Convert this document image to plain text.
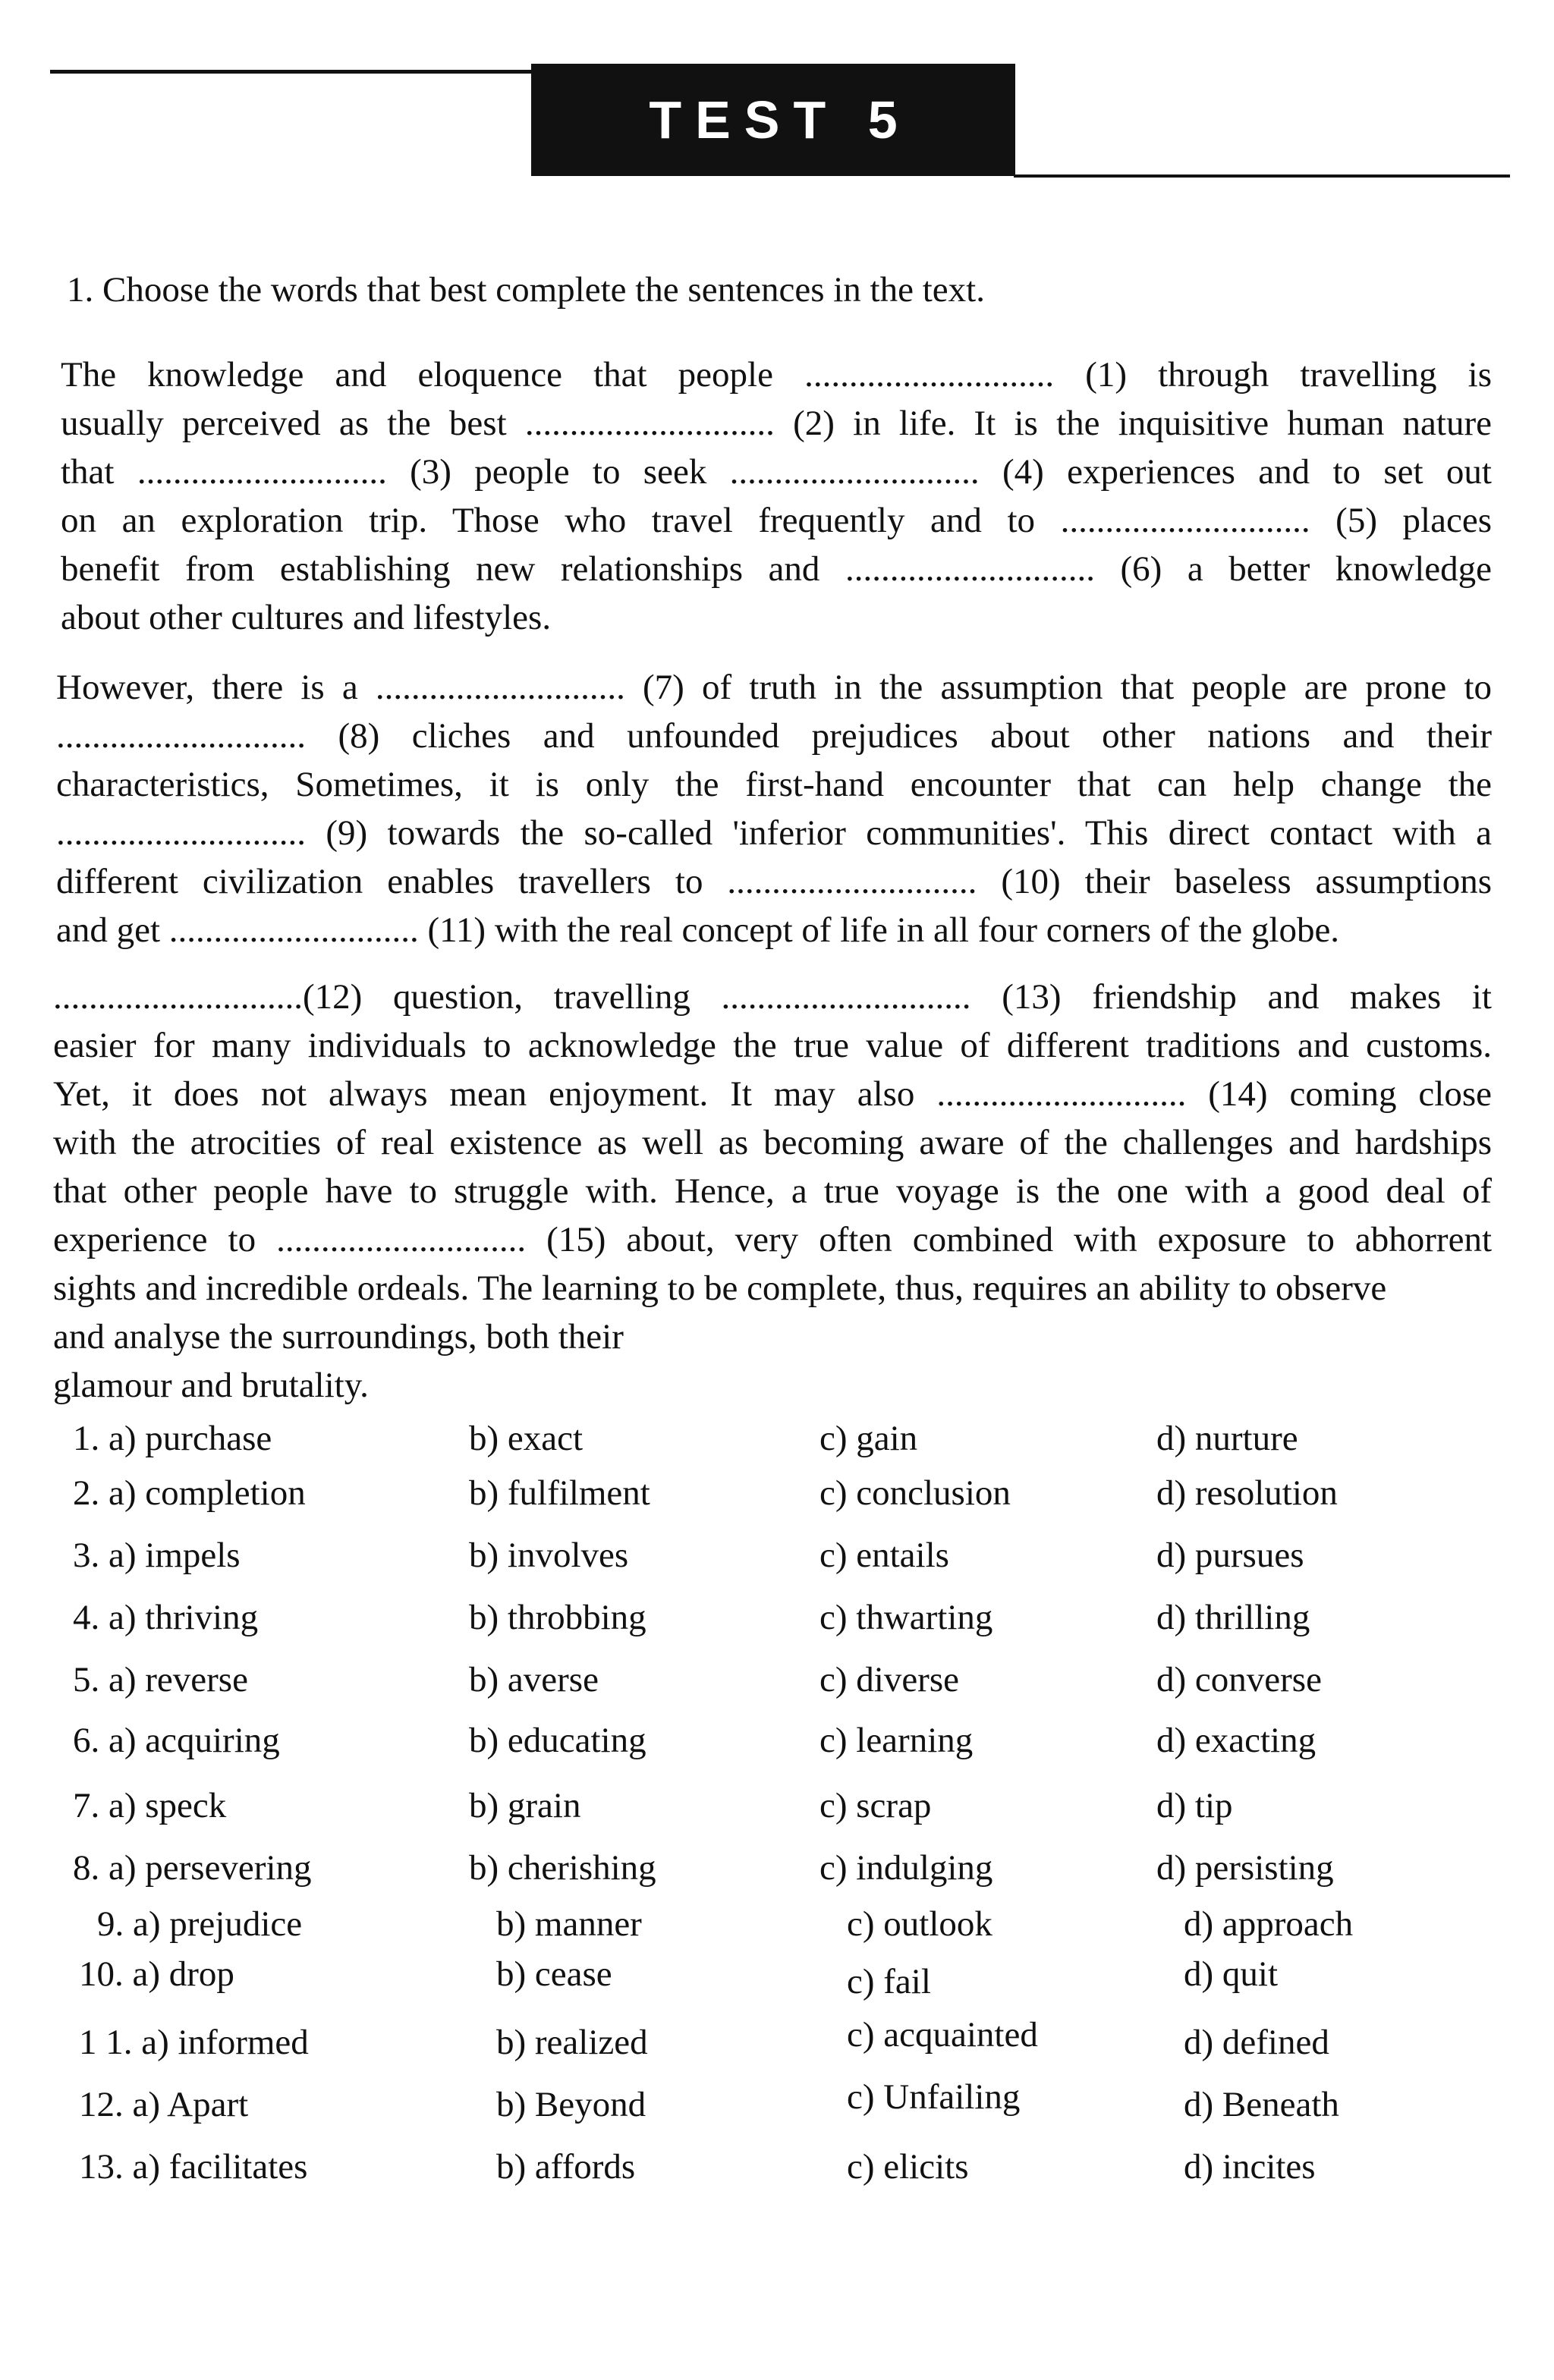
TEST 5
1. Choose the words that best complete the sentences in the text.
The knowledge and eloquence that people ............................ (1) through travelling is
usually perceived as the best ............................ (2) in life. It is the inquisitive human nature
that ............................ (3) people to seek ............................ (4) experiences and to set out
on an exploration trip. Those who travel frequently and to ............................ (5) places
benefit from establishing new relationships and ............................ (6) a better knowledge
about other cultures and lifestyles.
However, there is a ............................ (7) of truth in the assumption that people are prone to
............................ (8) cliches and unfounded prejudices about other nations and their
characteristics, Sometimes, it is only the first-hand encounter that can help change the
............................ (9) towards the so-called 'inferior communities'. This direct contact with a
different civilization enables travellers to ............................ (10) their baseless assumptions
and get ............................ (11) with the real concept of life in all four corners of the globe.
............................(12) question, travelling ............................ (13) friendship and makes it
easier for many individuals to acknowledge the true value of different traditions and customs.
Yet, it does not always mean enjoyment. It may also ............................ (14) coming close
with the atrocities of real existence as well as becoming aware of the challenges and hardships
that other people have to struggle with. Hence, a true voyage is the one with a good deal of
experience to ............................ (15) about, very often combined with exposure to abhorrent
sights and incredible ordeals. The learning to be complete, thus, requires an ability to observe
and analyse the surroundings, both their
glamour and brutality.
1. a) purchase	b) exact	c) gain	d) nurture
2. a) completion	b) fulfilment	c) conclusion	d) resolution
3. a) impels	b) involves	c) entails	d) pursues
4. a) thriving	b) throbbing	c) thwarting	d) thrilling
5. a) reverse	b) averse	c) diverse	d) converse
6. a) acquiring	b) educating	c) learning	d) exacting
7. a) speck	b) grain	c) scrap	d) tip
8. a) persevering	b) cherishing	c) indulging	d) persisting
9. a) prejudice	b) manner	c) outlook	d) approach
10. a) drop	b) cease	c) fail	d) quit
1 1. a) informed	b) realized	c) acquainted	d) defined
12. a) Apart	b) Beyond	c) Unfailing	d) Beneath
13. a) facilitates	b) affords	c) elicits	d) incites
